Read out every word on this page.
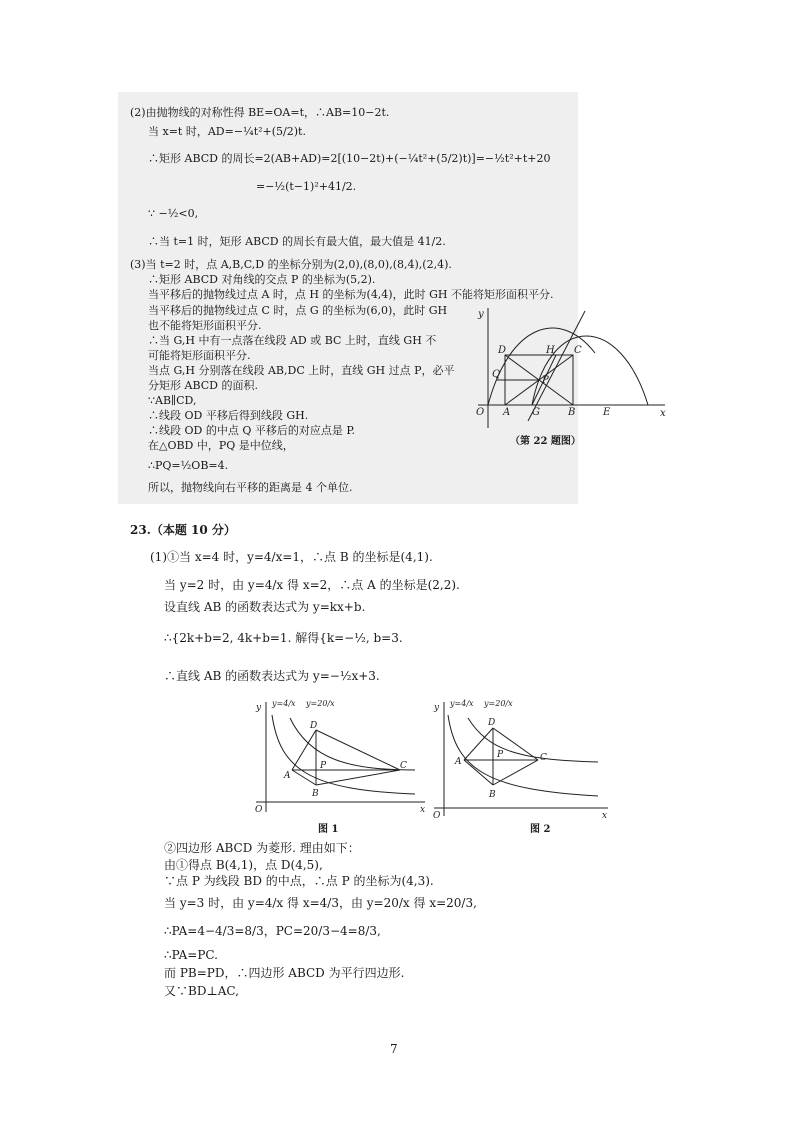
(2)由抛物线的对称性得 BE=OA=t，∴AB=10−2t.
当 x=t 时，AD=−¼t²+(5/2)t.
∴矩形 ABCD 的周长=2(AB+AD)=2[(10−2t)+(−¼t²+(5/2)t)]=−½t²+t+20
=−½(t−1)²+41/2.
∵ −½<0,
∴当 t=1 时，矩形 ABCD 的周长有最大值，最大值是 41/2.
(3)当 t=2 时，点 A,B,C,D 的坐标分别为(2,0),(8,0),(8,4),(2,4).
∴矩形 ABCD 对角线的交点 P 的坐标为(5,2).
当平移后的抛物线过点 A 时，点 H 的坐标为(4,4)，此时 GH 不能将矩形面积平分.
当平移后的抛物线过点 C 时，点 G 的坐标为(6,0)，此时 GH
也不能将矩形面积平分.
∴当 G,H 中有一点落在线段 AD 或 BC 上时，直线 GH 不
可能将矩形面积平分.
当点 G,H 分别落在线段 AB,DC 上时，直线 GH 过点 P，必平
分矩形 ABCD 的面积.
∵AB∥CD,
∴线段 OD 平移后得到线段 GH.
∴线段 OD 的中点 Q 平移后的对应点是 P.
在△OBD 中，PQ 是中位线，
∴PQ=½OB=4.
所以，抛物线向右平移的距离是 4 个单位.
y
x
O A G	B	E
D	H C
Q
P
（第 22 题图）
23.（本题 10 分）
(1)①当 x=4 时，y=4/x=1，∴点 B 的坐标是(4,1).
当 y=2 时，由 y=4/x 得 x=2，∴点 A 的坐标是(2,2).
设直线 AB 的函数表达式为 y=kx+b.
∴{2k+b=2, 4k+b=1. 解得{k=−½, b=3.
∴直线 AB 的函数表达式为 y=−½x+3.
y y=4/x y=20/x
x
O
A
B
C
D
P
图 1
y y=4/x y=20/x
x
O
A
B
C
D
P
图 2
②四边形 ABCD 为菱形. 理由如下：
由①得点 B(4,1)，点 D(4,5),
∵点 P 为线段 BD 的中点，∴点 P 的坐标为(4,3).
当 y=3 时，由 y=4/x 得 x=4/3，由 y=20/x 得 x=20/3,
∴PA=4−4/3=8/3，PC=20/3−4=8/3,
∴PA=PC.
而 PB=PD，∴四边形 ABCD 为平行四边形.
又∵BD⊥AC,
7
